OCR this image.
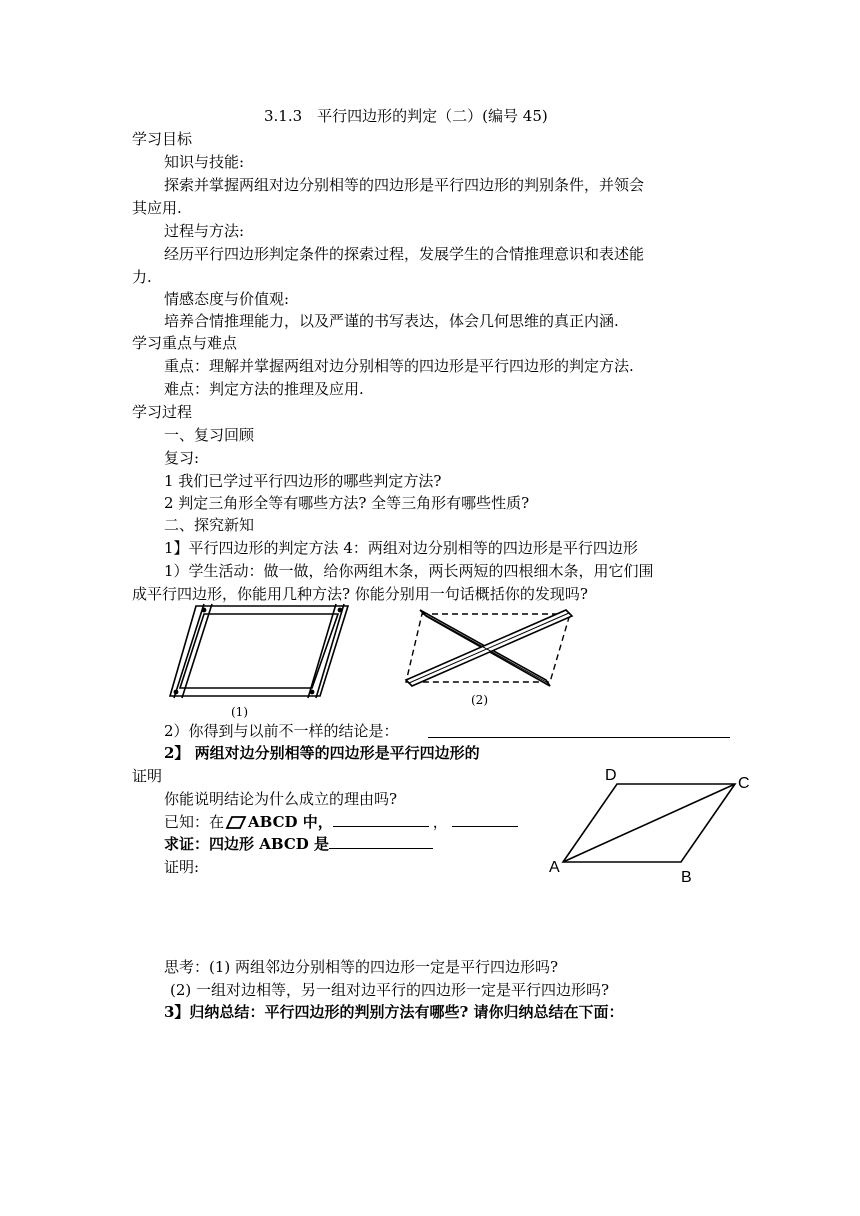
3.1.3　平行四边形的判定（二）(编号 45)
学习目标
知识与技能:
探索并掌握两组对边分别相等的四边形是平行四边形的判别条件，并领会
其应用.
过程与方法:
经历平行四边形判定条件的探索过程，发展学生的合情推理意识和表述能
力.
情感态度与价值观:
培养合情推理能力，以及严谨的书写表达，体会几何思维的真正内涵.
学习重点与难点
重点：理解并掌握两组对边分别相等的四边形是平行四边形的判定方法.
难点：判定方法的推理及应用.
学习过程
一、复习回顾
复习:
1 我们已学过平行四边形的哪些判定方法?
2 判定三角形全等有哪些方法? 全等三角形有哪些性质?
二、探究新知
1】平行四边形的判定方法 4：两组对边分别相等的四边形是平行四边形
1）学生活动：做一做，给你两组木条，两长两短的四根细木条，用它们围
成平行四边形，你能用几种方法? 你能分别用一句话概括你的发现吗?
(1)
(2)
2）你得到与以前不一样的结论是：
2】 两组对边分别相等的四边形是平行四边形的
证明
你能说明结论为什么成立的理由吗?
已知：在 ABCD 中，	，
求证：四边形 ABCD 是
证明:	A
B
C
D
思考：(1) 两组邻边分别相等的四边形一定是平行四边形吗?
(2) 一组对边相等，另一组对边平行的四边形一定是平行四边形吗?
3】归纳总结：平行四边形的判别方法有哪些? 请你归纳总结在下面：
